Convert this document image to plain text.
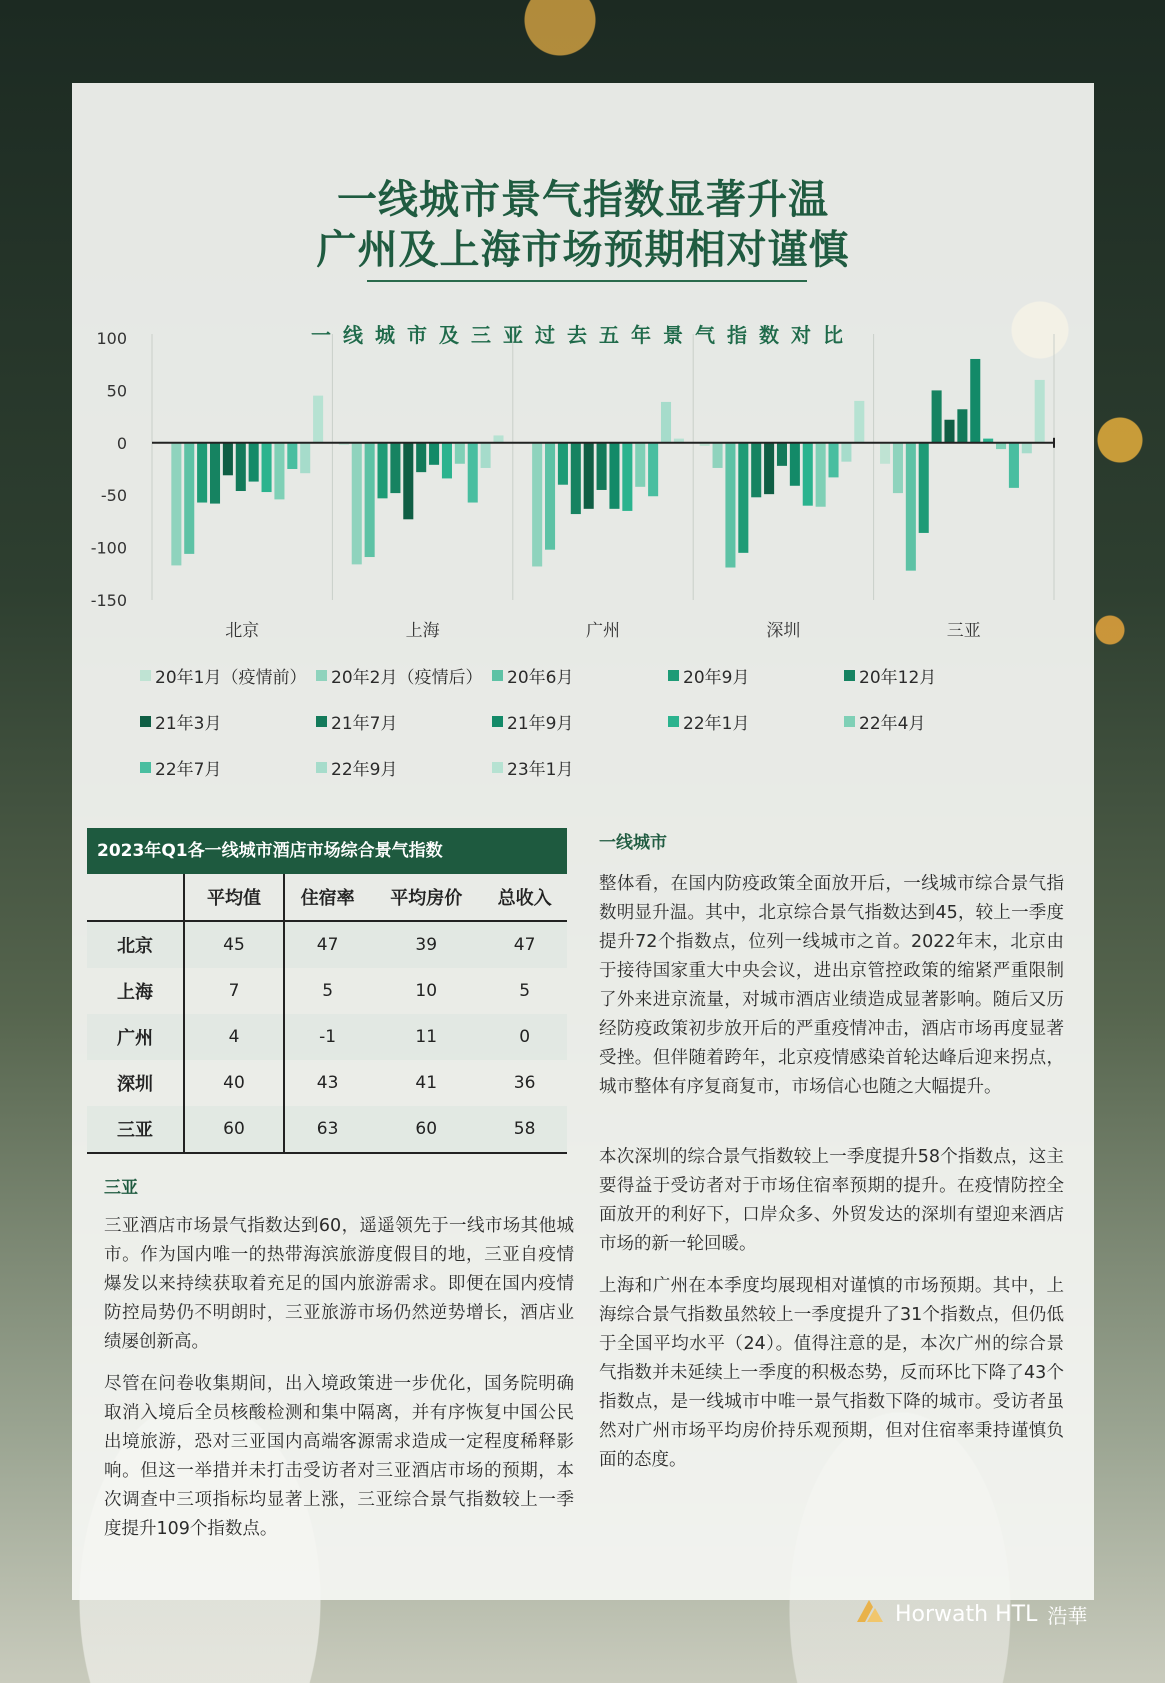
一线城市景气指数显著升温
广州及上海市场预期相对谨慎
一线城市及三亚过去五年景气指数对比
100
50
0
-50
-100
-150
北京	上海	广州	深圳	三亚
20年1月（疫情前） 20年2月（疫情后） 20年6月	20年9月	20年12月
21年3月	21年7月	21年9月	22年1月	22年4月
22年7月	22年9月	23年1月
2023年Q1各一线城市酒店市场综合景气指数
	平均值	住宿率	平均房价	总收入
北京	45	47	39	47
上海	7	5	10	5
广州	4	-1	11	0
深圳	40	43	41	36
三亚	60	63	60	58
三亚
三亚酒店市场景气指数达到60，遥遥领先于一线市场其他城市。作为国内唯一的热带海滨旅游度假目的地，三亚自疫情爆发以来持续获取着充足的国内旅游需求。即便在国内疫情防控局势仍不明朗时，三亚旅游市场仍然逆势增长，酒店业绩屡创新高。
尽管在问卷收集期间，出入境政策进一步优化，国务院明确取消入境后全员核酸检测和集中隔离，并有序恢复中国公民出境旅游，恐对三亚国内高端客源需求造成一定程度稀释影响。但这一举措并未打击受访者对三亚酒店市场的预期，本次调查中三项指标均显著上涨，三亚综合景气指数较上一季度提升109个指数点。
一线城市
整体看，在国内防疫政策全面放开后，一线城市综合景气指数明显升温。其中，北京综合景气指数达到45，较上一季度提升72个指数点，位列一线城市之首。2022年末，北京由于接待国家重大中央会议，进出京管控政策的缩紧严重限制了外来进京流量，对城市酒店业绩造成显著影响。随后又历经防疫政策初步放开后的严重疫情冲击，酒店市场再度显著受挫。但伴随着跨年，北京疫情感染首轮达峰后迎来拐点，城市整体有序复商复市，市场信心也随之大幅提升。
本次深圳的综合景气指数较上一季度提升58个指数点，这主要得益于受访者对于市场住宿率预期的提升。在疫情防控全面放开的利好下，口岸众多、外贸发达的深圳有望迎来酒店市场的新一轮回暖。
上海和广州在本季度均展现相对谨慎的市场预期。其中，上海综合景气指数虽然较上一季度提升了31个指数点，但仍低于全国平均水平（24）。值得注意的是，本次广州的综合景气指数并未延续上一季度的积极态势，反而环比下降了43个指数点，是一线城市中唯一景气指数下降的城市。受访者虽然对广州市场平均房价持乐观预期，但对住宿率秉持谨慎负面的态度。
Horwath HTL 浩華
